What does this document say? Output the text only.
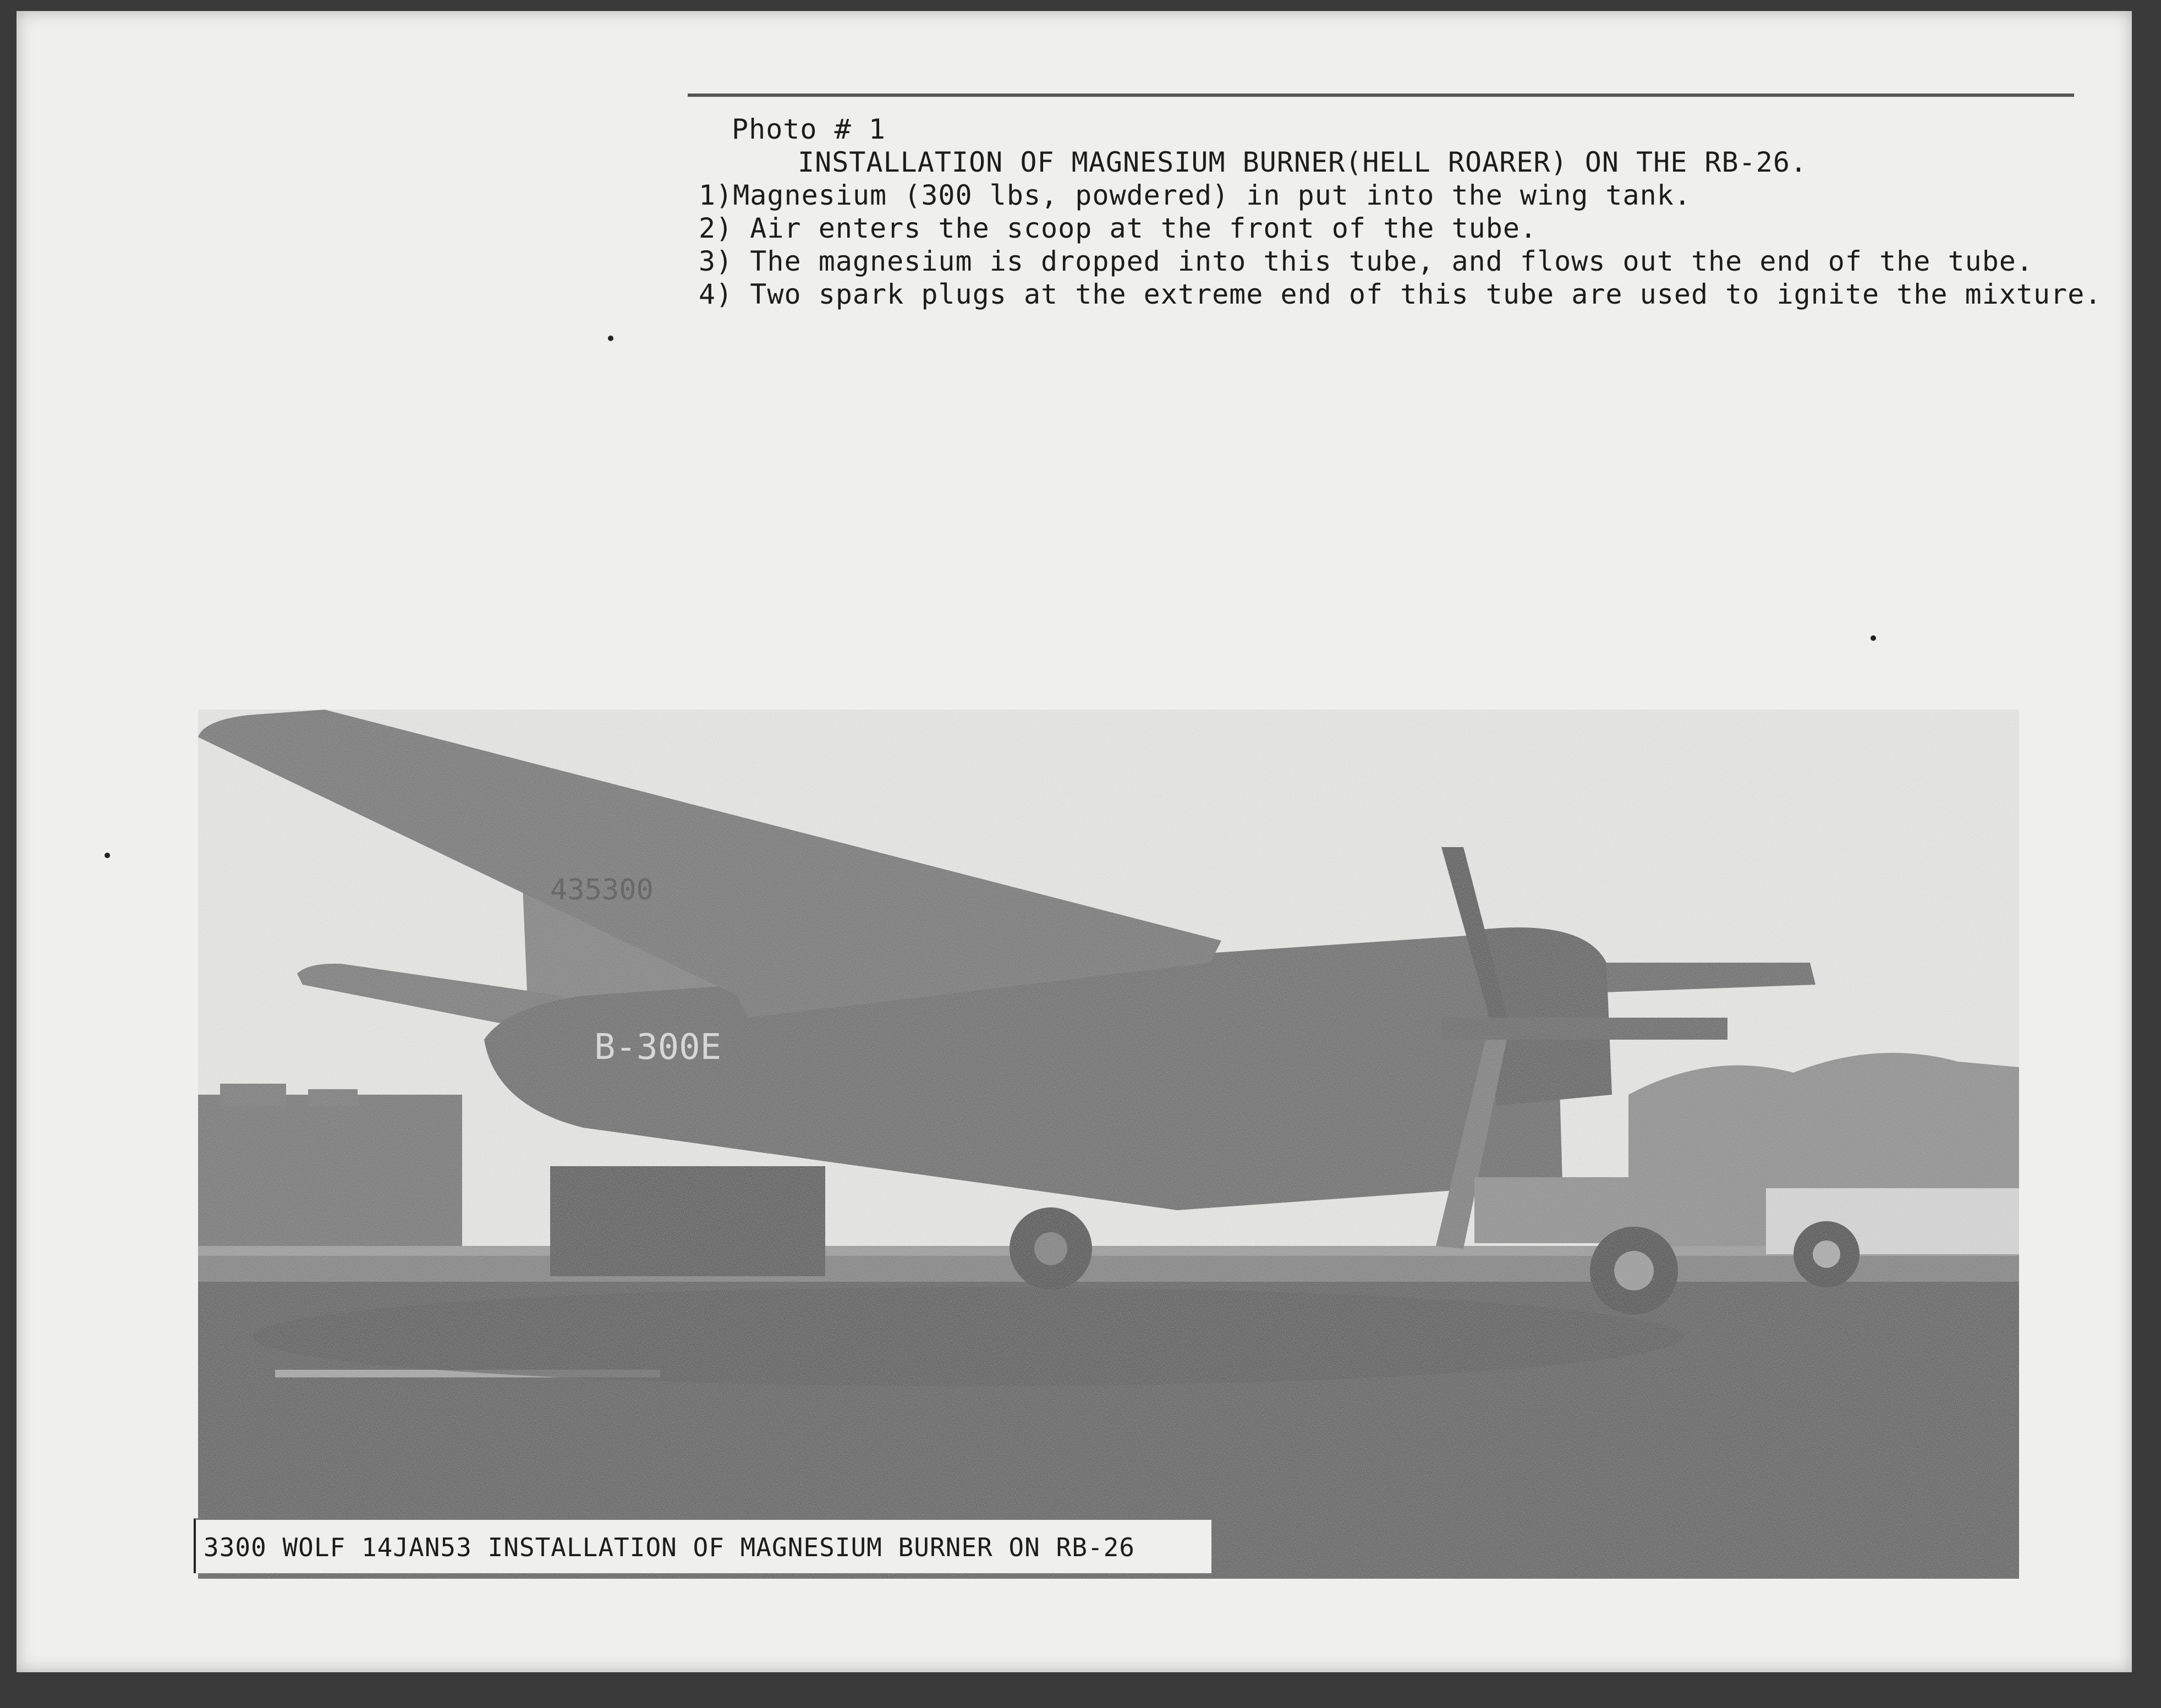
Photo # 1
INSTALLATION OF MAGNESIUM BURNER(HELL ROARER) ON THE RB-26.
1)Magnesium (300 lbs, powdered) in put into the wing tank.
2) Air enters the scoop at the front of the tube.
3) The magnesium is dropped into this tube, and flows out the end of the tube.
4) Two spark plugs at the extreme end of this tube are used to ignite the mixture.
435300
B-300E
3300 WOLF 14JAN53 INSTALLATION OF MAGNESIUM BURNER ON RB-26
